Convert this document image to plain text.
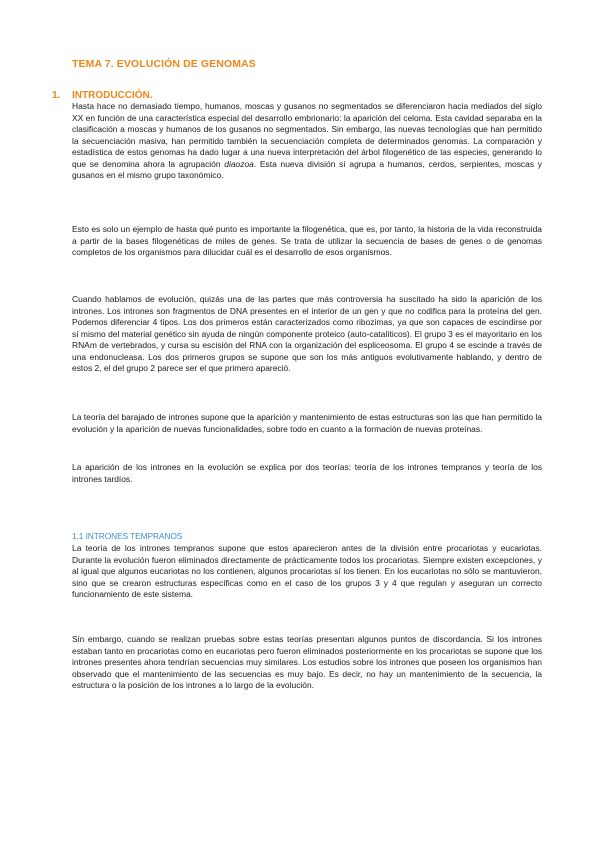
TEMA 7. EVOLUCIÓN DE GENOMAS
1. INTRODUCCIÓN.

Hasta hace no demasiado tiempo, humanos, moscas y gusanos no segmentados se diferenciaron hacia mediados del siglo XX en función de una característica especial del desarrollo embrionario: la aparición del celoma. Esta cavidad separaba en la clasificación a moscas y humanos de los gusanos no segmentados. Sin embargo, las nuevas tecnologías que han permitido la secuenciación masiva, han permitido también la secuenciación completa de determinados genomas. La comparación y estadística de estos genomas ha dado lugar a una nueva interpretación del árbol filogenético de las especies, generando lo que se denomina ahora la agrupación diaozoa. Esta nueva división sí agrupa a humanos, cerdos, serpientes, moscas y gusanos en el mismo grupo taxonómico.

Esto es solo un ejemplo de hasta qué punto es importante la filogenética, que es, por tanto, la historia de la vida reconstruida a partir de la bases filogenéticas de miles de genes. Se trata de utilizar la secuencia de bases de genes o de genomas completos de los organismos para dilucidar cuál es el desarrollo de esos organismos.

Cuando hablamos de evolución, quizás una de las partes que más controversia ha suscitado ha sido la aparición de los intrones. Los intrones son fragmentos de DNA presentes en el interior de un gen y que no codifica para la proteína del gen. Podemos diferenciar 4 tipos. Los dos primeros están caracterizados como ribozimas, ya que son capaces de escindirse por sí mismo del material genético sin ayuda de ningún componente proteico (auto-catalíticos). El grupo 3 es el mayoritario en los RNAm de vertebrados, y cursa su escisión del RNA con la organización del espliceosoma. El grupo 4 se escinde a través de una endonucleasa. Los dos primeros grupos se supone que son los más antiguos evolutivamente hablando, y dentro de estos 2, el del grupo 2 parece ser el que primero apareció.

La teoría del barajado de intrones supone que la aparición y mantenimiento de estas estructuras son las que han permitido la evolución y la aparición de nuevas funcionalidades, sobre todo en cuanto a la formación de nuevas proteínas.

La aparición de los intrones en la evolución se explica por dos teorías: teoría de los intrones tempranos y teoría de los intrones tardíos.

1.1 INTRONES TEMPRANOS

La teoría de los intrones tempranos supone que estos aparecieron antes de la división entre procariotas y eucariotas. Durante la evolución fueron eliminados directamente de prácticamente todos los procariotas. Siempre existen excepciones, y al igual que algunos eucariotas no los contienen, algunos procariotas sí los tienen. En los eucariotas no sólo se mantuvieron, sino que se crearon estructuras específicas como en el caso de los grupos 3 y 4 que regulan y aseguran un correcto funcionamiento de este sistema.

Sin embargo, cuando se realizan pruebas sobre estas teorías presentan algunos puntos de discordancia. Si los intrones estaban tanto en procariotas como en eucariotas pero fueron eliminados posteriormente en los procariotas se supone que los intrones presentes ahora tendrían secuencias muy similares. Los estudios sobre los intrones que poseen los organismos han observado que el mantenimiento de las secuencias es muy bajo. Es decir, no hay un mantenimiento de la secuencia, la estructura o la posición de los intrones a lo largo de la evolución.
